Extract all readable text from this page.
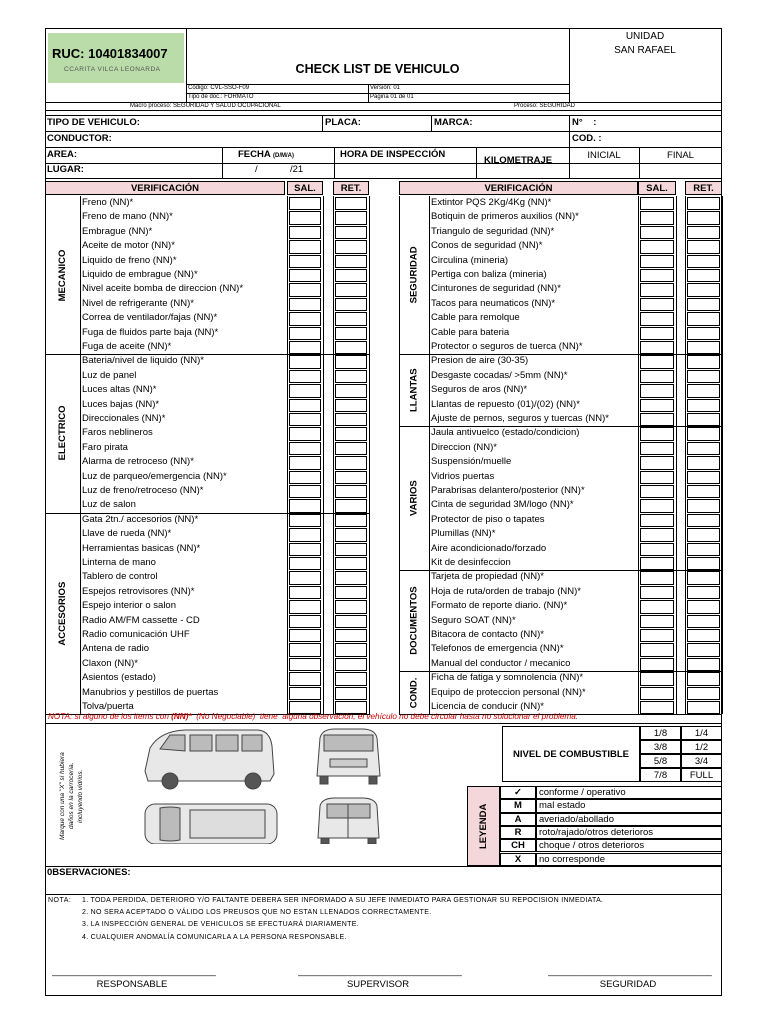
RUC: 10401834007
CCARITA VILCA LEONARDA	CHECK LIST DE VEHICULO
UNIDAD
SAN RAFAEL
Código: CVL-SSO-F09	Versión: 01
Tipo de doc.: FORMATO	Página 01 de 01
Macro proceso: SEGURIDAD Y SALUD OCUPACIONAL	Proceso: SEGURIDAD
TIPO DE VEHICULO:	PLACA:	MARCA:	N°    :
CONDUCTOR:	COD. :
AREA:	FECHA (D/M/A)	HORA DE INSPECCIÓN
KILOMETRAJE	INICIAL	FINAL
LUGAR:	/	/21
VERIFICACIÓN	SAL.	RET.
MECANICO
Freno (NN)*
Freno de mano (NN)*
Embrague (NN)*
Aceite de motor (NN)*
Liquido de freno (NN)*
Liquido de embrague (NN)*
Nivel aceite bomba de direccion (NN)*
Nivel de refrigerante (NN)*
Correa de ventilador/fajas (NN)*
Fuga de fluidos parte baja (NN)*
Fuga de aceite (NN)*
ELECTRICO
Bateria/nivel de liquido (NN)*
Luz de panel
Luces altas (NN)*
Luces bajas (NN)*
Direccionales (NN)*
Faros neblineros
Faro pirata
Alarma de retroceso (NN)*
Luz de parqueo/emergencia (NN)*
Luz de freno/retroceso (NN)*
Luz de salon
ACCESORIOS
Gata 2tn./ accesorios (NN)*
Llave de rueda (NN)*
Herramientas basicas (NN)*
Linterna de mano
Tablero de control
Espejos retrovisores (NN)*
Espejo interior o salon
Radio AM/FM cassette - CD
Radio comunicación UHF
Antena de radio
Claxon (NN)*
Asientos (estado)
Manubrios y pestillos de puertas
Tolva/puerta
VERIFICACIÓN	SAL.	RET.
SEGURIDAD
Extintor PQS 2Kg/4Kg (NN)*
Botiquin de primeros auxilios (NN)*
Triangulo de seguridad (NN)*
Conos de seguridad (NN)*
Circulina (mineria)
Pertiga con baliza (mineria)
Cinturones de seguridad (NN)*
Tacos para neumaticos (NN)*
Cable para remolque
Cable para bateria
Protector o seguros de tuerca (NN)*
LLANTAS
Presion de aire (30-35)
Desgaste cocadas/ >5mm (NN)*
Seguros de aros (NN)*
Llantas de repuesto (01)/(02) (NN)*
Ajuste de pernos, seguros y tuercas (NN)*
VARIOS
Jaula antivuelco (estado/condicion)
Direccion (NN)*
Suspensión/muelle
Vidrios puertas
Parabrisas delantero/posterior (NN)*
Cinta de seguridad 3M/logo (NN)*
Protector de piso o tapates
Plumillas (NN)*
Aire acondicionado/forzado
Kit de desinfeccion
DOCUMENTOS
Tarjeta de propiedad (NN)*
Hoja de ruta/orden de trabajo (NN)*
Formato de reporte diario. (NN)*
Seguro SOAT (NN)*
Bitacora de contacto (NN)*
Telefonos de emergencia (NN)*
Manual del conductor / mecanico
COND.	Ficha de fatiga y somnolencia (NN)*
Equipo de proteccion personal (NN)*
Licencia de conducir (NN)*
NOTA: si alguno de los items con (NN)*  (No Negociable)  tiene  alguna observación, el vehículo no debe circular hasta no solucionar el problema.
Marque con una "X" si hubiera daños en la carrocería, incluyendo vidrios.
NIVEL DE COMBUSTIBLE
1/8	1/4
3/8	1/2
5/8	3/4
7/8	FULL
LEYENDA
✓	conforme / operativo
M	mal estado
A	averiado/abollado
R	roto/rajado/otros deterioros
CH	choque / otros deterioros
X	no corresponde
0BSERVACIONES:
NOTA: 1. TODA PERDIDA, DETERIORO Y/O FALTANTE DEBERA SER INFORMADO A SU JEFE INMEDIATO PARA GESTIONAR SU REPOCISION INMEDIATA.
2. NO SERA ACEPTADO O VÁLIDO LOS PREUSOS QUE NO ESTAN LLENADOS CORRECTAMENTE.
3. LA INSPECCIÓN GENERAL DE VEHICULOS SE EFECTUARÁ DIARIAMENTE.
4. CUALQUIER ANOMALÍA COMUNICARLA A LA PERSONA RESPONSABLE.
_______________________________	_______________________________	_______________________________
RESPONSABLE	SUPERVISOR	SEGURIDAD
